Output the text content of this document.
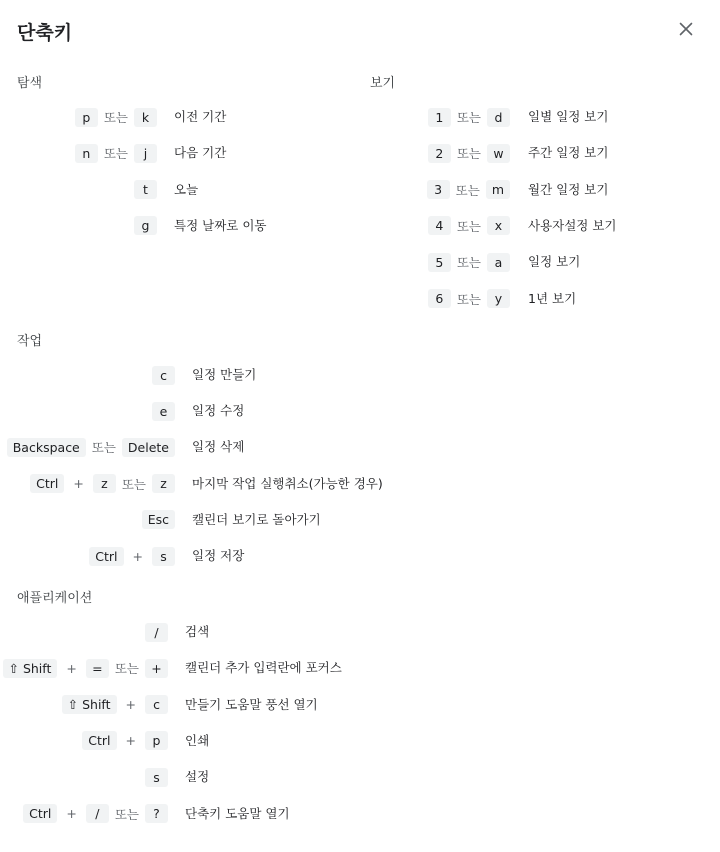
단축키
탐색
p	또는	k	이전 기간
n	또는	j	다음 기간
t	오늘
g	특정 날짜로 이동
보기
1	또는	d	일별 일정 보기
2	또는 w	주간 일정 보기
3	또는 m	월간 일정 보기
4	또는	x	사용자설정 보기
5	또는	a	일정 보기
6	또는	y	1년 보기
작업
c	일정 만들기
e	일정 수정
Backspace 또는 Delete	일정 삭제
Ctrl	+	z	또는	z	마지막 작업 실행취소(가능한 경우)
Esc	캘린더 보기로 돌아가기
Ctrl	+	s	일정 저장
애플리케이션
/	검색
⇧ Shift	+	= 또는 +	캘린더 추가 입력란에 포커스
⇧ Shift	+	c	만들기 도움말 풍선 열기
Ctrl	+	p	인쇄
s	설정
Ctrl	+	/	또는	?	단축키 도움말 열기
